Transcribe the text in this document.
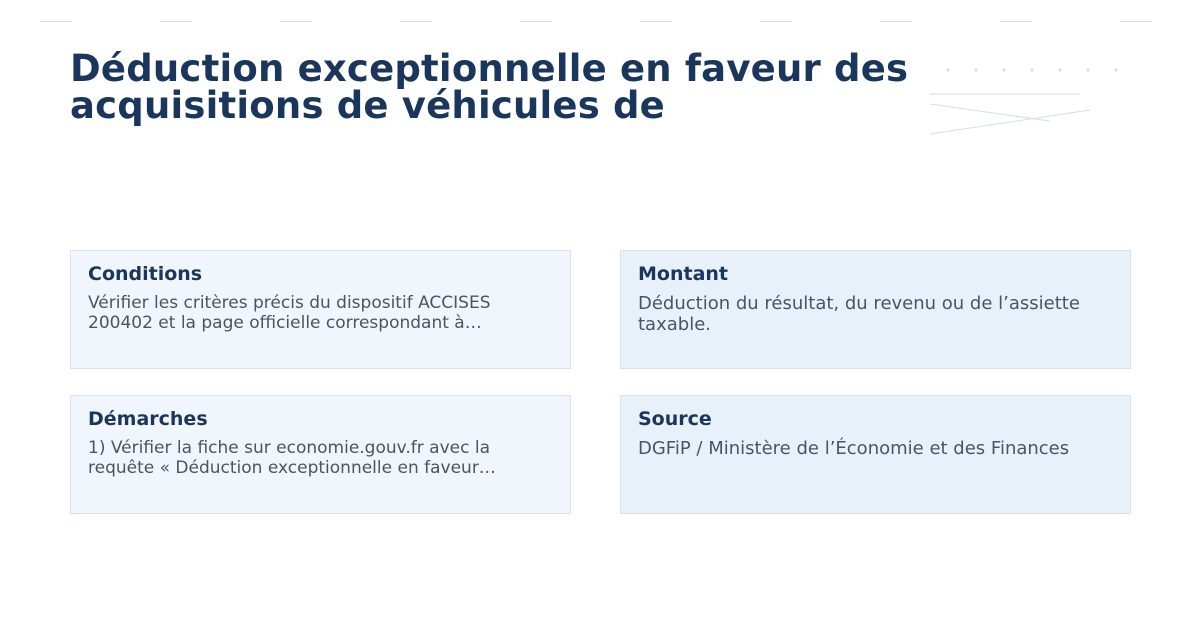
Déduction exceptionnelle en faveur des
acquisitions de véhicules de
Conditions

Vérifier les critères précis du dispositif ACCISES 200402 et la page officielle correspondant à…

Montant

Déduction du résultat, du revenu ou de l’assiette taxable.

Démarches

1) Vérifier la fiche sur economie.gouv.fr avec la requête « Déduction exceptionnelle en faveur…

Source

DGFiP / Ministère de l’Économie et des Finances
